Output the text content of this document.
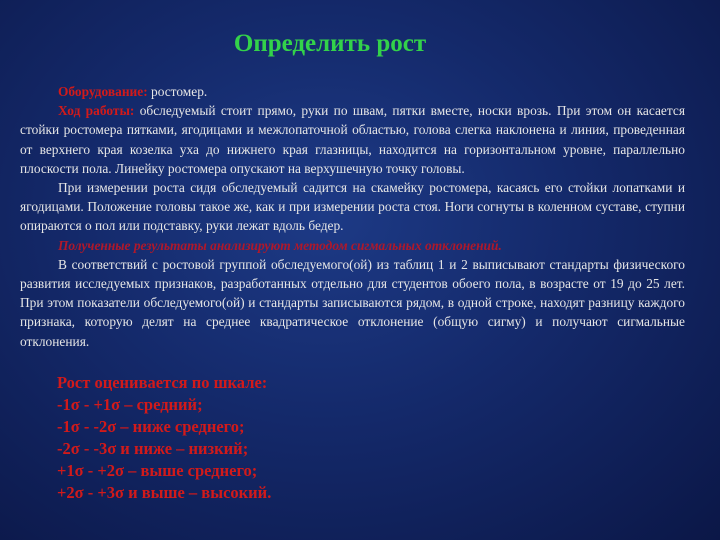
Определить рост

Оборудование: ростомер.

Ход работы: обследуемый стоит прямо, руки по швам, пятки вместе, носки врозь. При этом он касается стойки ростомера пятками, ягодицами и межлопаточной областью, голова слегка наклонена и линия, проведенная от верхнего края козелка уха до нижнего края глазницы, находится на горизонтальном уровне, параллельно плоскости пола. Линейку ростомера опускают на верхушечную точку головы.

При измерении роста сидя обследуемый садится на скамейку ростомера, касаясь его стойки лопатками и ягодицами. Положение головы такое же, как и при измерении роста стоя. Ноги согнуты в коленном суставе, ступни опираются о пол или подставку, руки лежат вдоль бедер.

Полученные результаты анализируют методом сигмальных отклонений.

В соответствий с ростовой группой обследуемого(ой) из таблиц 1 и 2 выписывают стандарты физического развития исследуемых признаков, разработанных отдельно для студентов обоего пола, в возрасте от 19 до 25 лет. При этом показатели обследуемого(ой) и стандарты записываются рядом, в одной строке, находят разницу каждого признака, которую делят на среднее квадратическое отклонение (общую сигму) и получают сигмальные отклонения.

Рост оценивается по шкале:
-1σ - +1σ – средний;
-1σ - -2σ – ниже среднего;
-2σ - -3σ и ниже – низкий;
+1σ - +2σ – выше среднего;
+2σ - +3σ и выше – высокий.
